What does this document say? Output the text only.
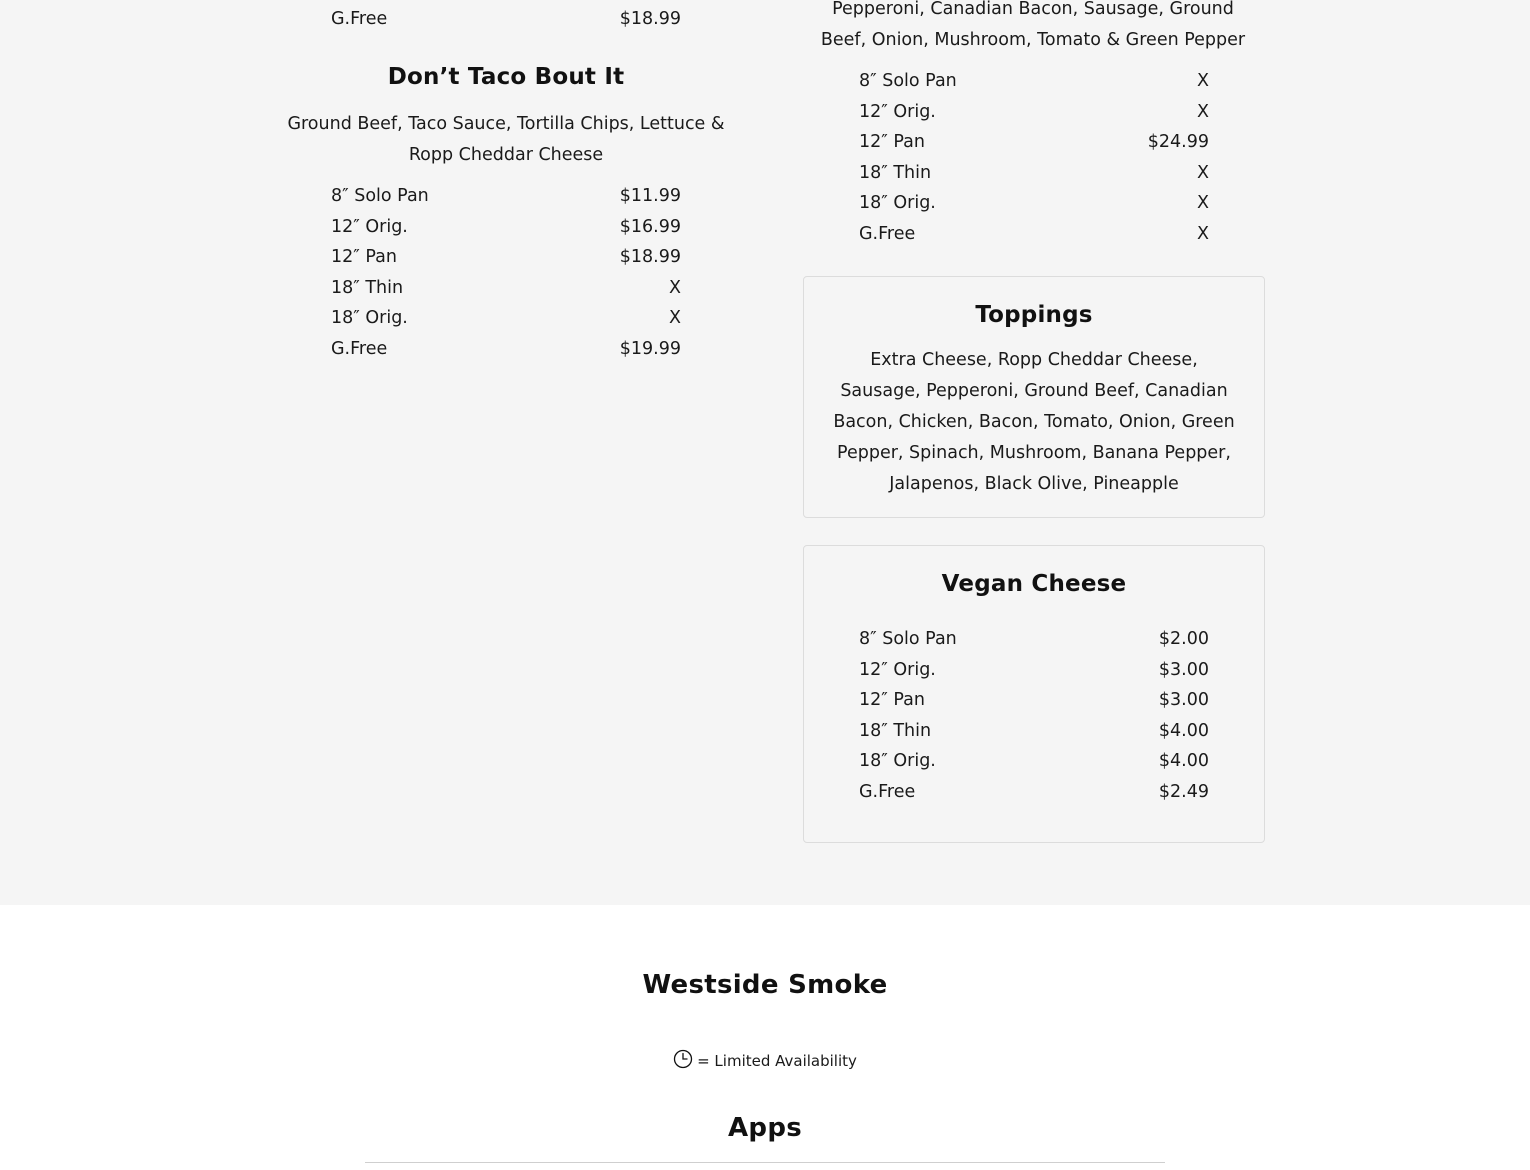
G.Free	$18.99	Pepperoni, Canadian Bacon, Sausage, Ground Beef, Onion, Mushroom, Tomato & Green Pepper
8″ Solo Pan	X
12″ Orig.	X
12″ Pan	$24.99
18″ Thin	X
18″ Orig.	X
G.Free	X
Don’t Taco Bout It
Ground Beef, Taco Sauce, Tortilla Chips, Lettuce & Ropp Cheddar Cheese
8″ Solo Pan	$11.99
12″ Orig.	$16.99
12″ Pan	$18.99
18″ Thin	X
18″ Orig.	X
G.Free	$19.99
Toppings
Extra Cheese, Ropp Cheddar Cheese, Sausage, Pepperoni, Ground Beef, Canadian Bacon, Chicken, Bacon, Tomato, Onion, Green Pepper, Spinach, Mushroom, Banana Pepper, Jalapenos, Black Olive, Pineapple
Vegan Cheese
8″ Solo Pan	$2.00
12″ Orig.	$3.00
12″ Pan	$3.00
18″ Thin	$4.00
18″ Orig.	$4.00
G.Free	$2.49
Westside Smoke
= Limited Availability
Apps
